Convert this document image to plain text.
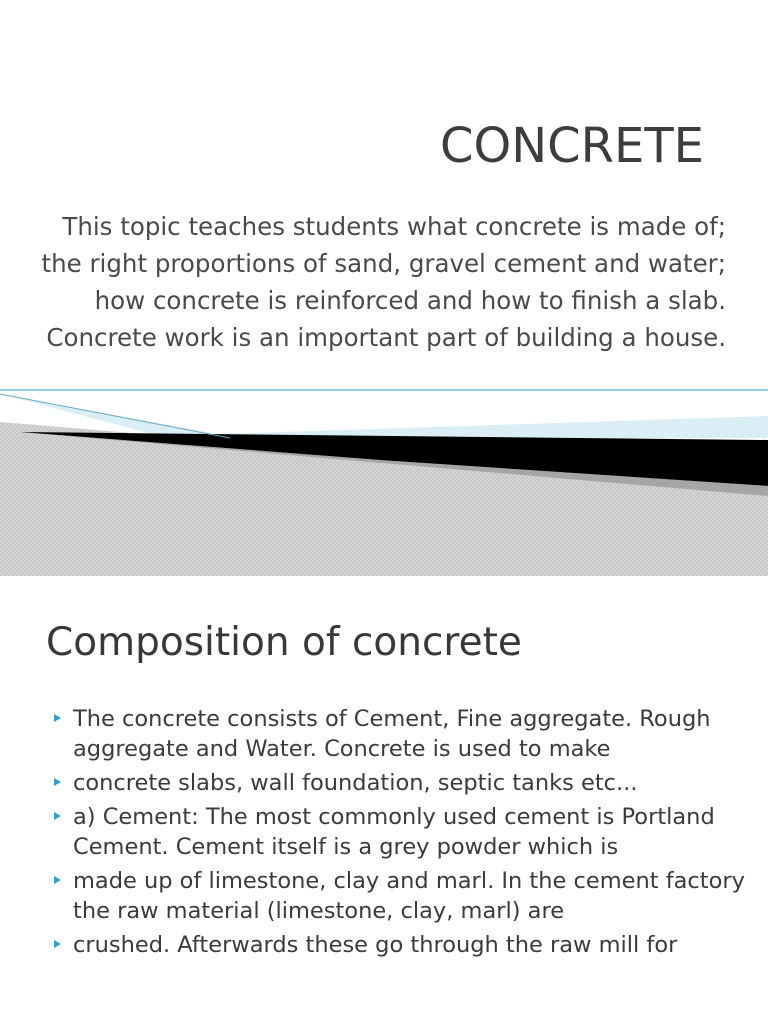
CONCRETE

This topic teaches students what concrete is made of; the right proportions of sand, gravel cement and water; how concrete is reinforced and how to finish a slab.

Concrete work is an important part of building a house.

Composition of concrete
The concrete consists of Cement, Fine aggregate. Rough aggregate and Water. Concrete is used to make
concrete slabs, wall foundation, septic tanks etc...
a) Cement: The most commonly used cement is Portland Cement. Cement itself is a grey powder which is
made up of limestone, clay and marl. In the cement factory the raw material (limestone, clay, marl) are
crushed. Afterwards these go through the raw mill for
